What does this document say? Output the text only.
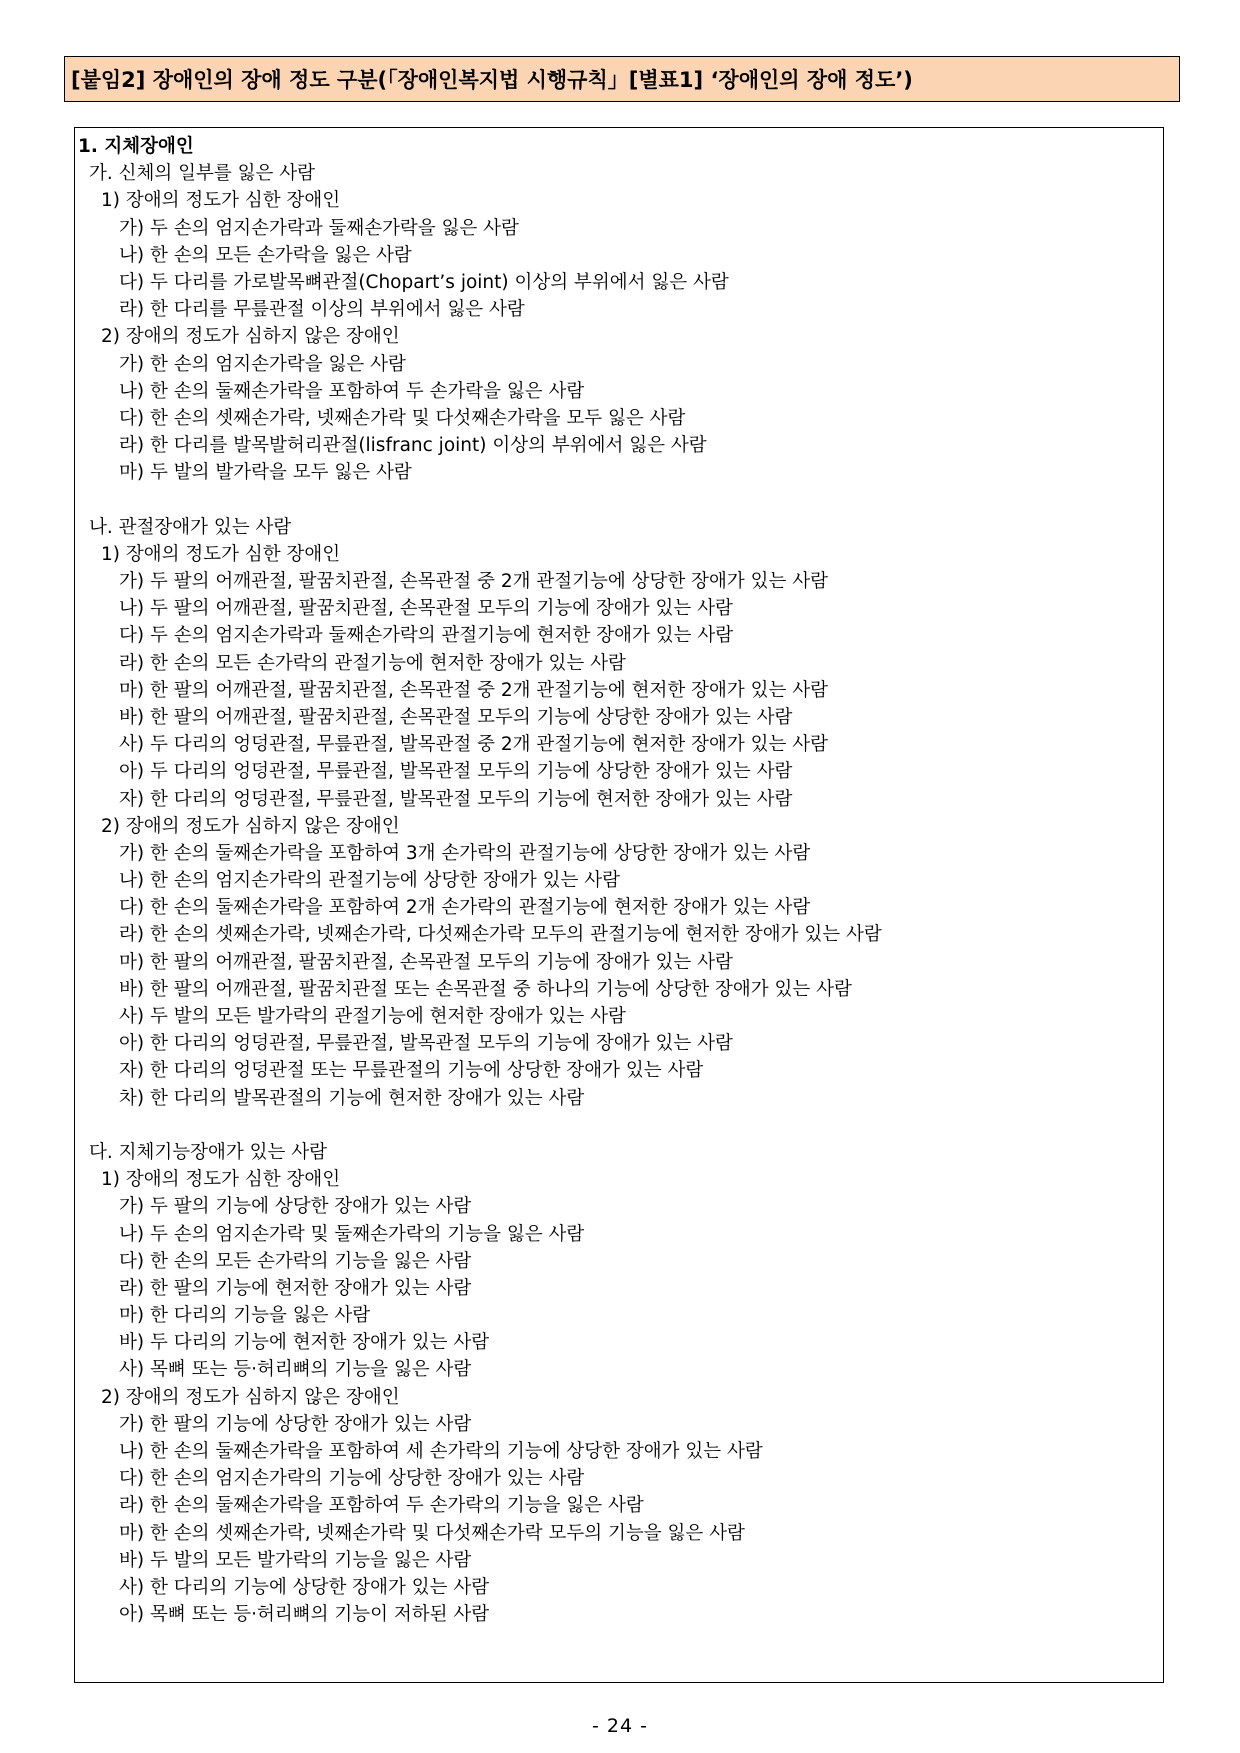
[붙임2] 장애인의 장애 정도 구분(「장애인복지법 시행규칙」[별표1] ‘장애인의 장애 정도’)
1. 지체장애인
가. 신체의 일부를 잃은 사람
1) 장애의 정도가 심한 장애인
가) 두 손의 엄지손가락과 둘째손가락을 잃은 사람
나) 한 손의 모든 손가락을 잃은 사람
다) 두 다리를 가로발목뼈관절(Chopart’s joint) 이상의 부위에서 잃은 사람
라) 한 다리를 무릎관절 이상의 부위에서 잃은 사람
2) 장애의 정도가 심하지 않은 장애인
가) 한 손의 엄지손가락을 잃은 사람
나) 한 손의 둘째손가락을 포함하여 두 손가락을 잃은 사람
다) 한 손의 셋째손가락, 넷째손가락 및 다섯째손가락을 모두 잃은 사람
라) 한 다리를 발목발허리관절(lisfranc joint) 이상의 부위에서 잃은 사람
마) 두 발의 발가락을 모두 잃은 사람
나. 관절장애가 있는 사람
1) 장애의 정도가 심한 장애인
가) 두 팔의 어깨관절, 팔꿈치관절, 손목관절 중 2개 관절기능에 상당한 장애가 있는 사람
나) 두 팔의 어깨관절, 팔꿈치관절, 손목관절 모두의 기능에 장애가 있는 사람
다) 두 손의 엄지손가락과 둘째손가락의 관절기능에 현저한 장애가 있는 사람
라) 한 손의 모든 손가락의 관절기능에 현저한 장애가 있는 사람
마) 한 팔의 어깨관절, 팔꿈치관절, 손목관절 중 2개 관절기능에 현저한 장애가 있는 사람
바) 한 팔의 어깨관절, 팔꿈치관절, 손목관절 모두의 기능에 상당한 장애가 있는 사람
사) 두 다리의 엉덩관절, 무릎관절, 발목관절 중 2개 관절기능에 현저한 장애가 있는 사람
아) 두 다리의 엉덩관절, 무릎관절, 발목관절 모두의 기능에 상당한 장애가 있는 사람
자) 한 다리의 엉덩관절, 무릎관절, 발목관절 모두의 기능에 현저한 장애가 있는 사람
2) 장애의 정도가 심하지 않은 장애인
가) 한 손의 둘째손가락을 포함하여 3개 손가락의 관절기능에 상당한 장애가 있는 사람
나) 한 손의 엄지손가락의 관절기능에 상당한 장애가 있는 사람
다) 한 손의 둘째손가락을 포함하여 2개 손가락의 관절기능에 현저한 장애가 있는 사람
라) 한 손의 셋째손가락, 넷째손가락, 다섯째손가락 모두의 관절기능에 현저한 장애가 있는 사람
마) 한 팔의 어깨관절, 팔꿈치관절, 손목관절 모두의 기능에 장애가 있는 사람
바) 한 팔의 어깨관절, 팔꿈치관절 또는 손목관절 중 하나의 기능에 상당한 장애가 있는 사람
사) 두 발의 모든 발가락의 관절기능에 현저한 장애가 있는 사람
아) 한 다리의 엉덩관절, 무릎관절, 발목관절 모두의 기능에 장애가 있는 사람
자) 한 다리의 엉덩관절 또는 무릎관절의 기능에 상당한 장애가 있는 사람
차) 한 다리의 발목관절의 기능에 현저한 장애가 있는 사람
다. 지체기능장애가 있는 사람
1) 장애의 정도가 심한 장애인
가) 두 팔의 기능에 상당한 장애가 있는 사람
나) 두 손의 엄지손가락 및 둘째손가락의 기능을 잃은 사람
다) 한 손의 모든 손가락의 기능을 잃은 사람
라) 한 팔의 기능에 현저한 장애가 있는 사람
마) 한 다리의 기능을 잃은 사람
바) 두 다리의 기능에 현저한 장애가 있는 사람
사) 목뼈 또는 등·허리뼈의 기능을 잃은 사람
2) 장애의 정도가 심하지 않은 장애인
가) 한 팔의 기능에 상당한 장애가 있는 사람
나) 한 손의 둘째손가락을 포함하여 세 손가락의 기능에 상당한 장애가 있는 사람
다) 한 손의 엄지손가락의 기능에 상당한 장애가 있는 사람
라) 한 손의 둘째손가락을 포함하여 두 손가락의 기능을 잃은 사람
마) 한 손의 셋째손가락, 넷째손가락 및 다섯째손가락 모두의 기능을 잃은 사람
바) 두 발의 모든 발가락의 기능을 잃은 사람
사) 한 다리의 기능에 상당한 장애가 있는 사람
아) 목뼈 또는 등·허리뼈의 기능이 저하된 사람
- 24 -
